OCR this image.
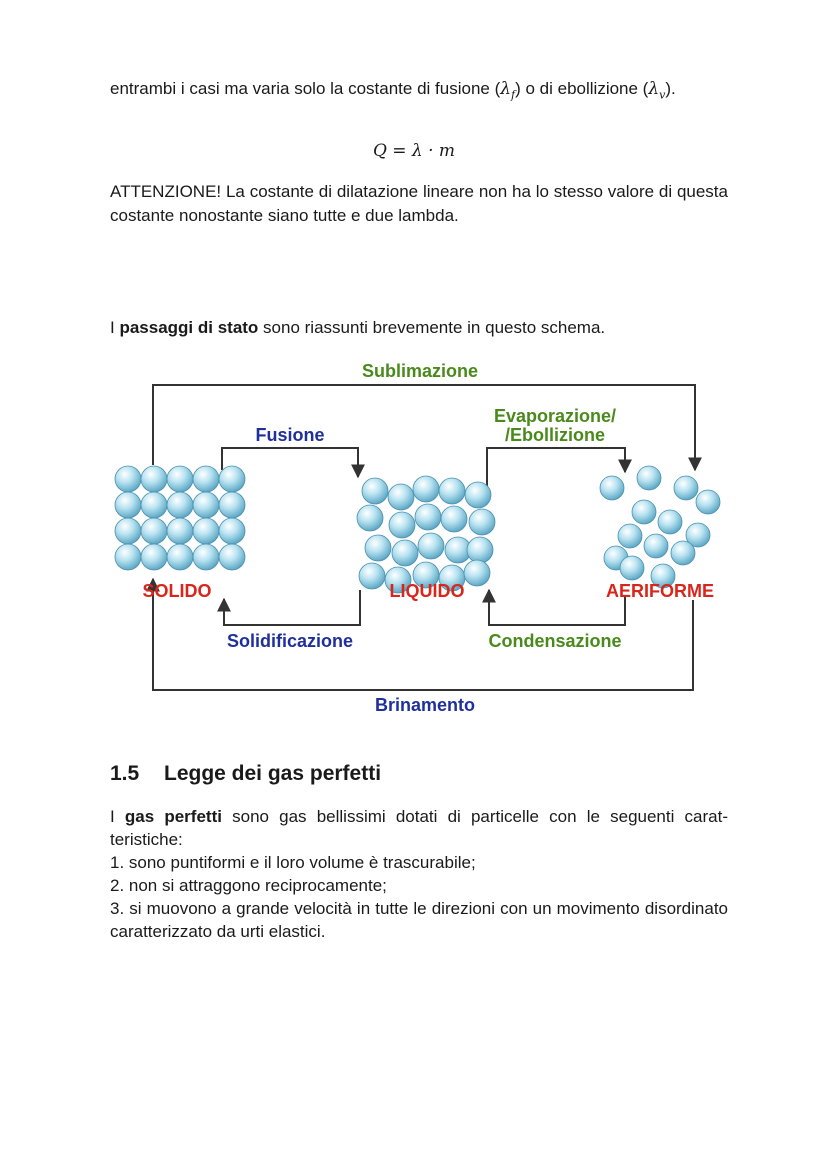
entrambi i casi ma varia solo la costante di fusione $(\lambda_f)$ o di ebollizione $(\lambda_v)$.
Q = λ · m
ATTENZIONE! La costante di dilatazione lineare non ha lo stesso valore di questa costante nonostante siano tutte e due lambda.
I passaggi di stato sono riassunti brevemente in questo schema.
Sublimazione
Fusione
Evaporazione/
/Ebollizione
SOLIDO	LIQUIDO	AERIFORME
Solidificazione	Condensazione
Brinamento
1.5 Legge dei gas perfetti
I gas perfetti sono gas bellissimi dotati di particelle con le seguenti carat-teristiche:
1. sono puntiformi e il loro volume è trascurabile;
2. non si attraggono reciprocamente;
3. si muovono a grande velocità in tutte le direzioni con un movimento disordinato caratterizzato da urti elastici.
